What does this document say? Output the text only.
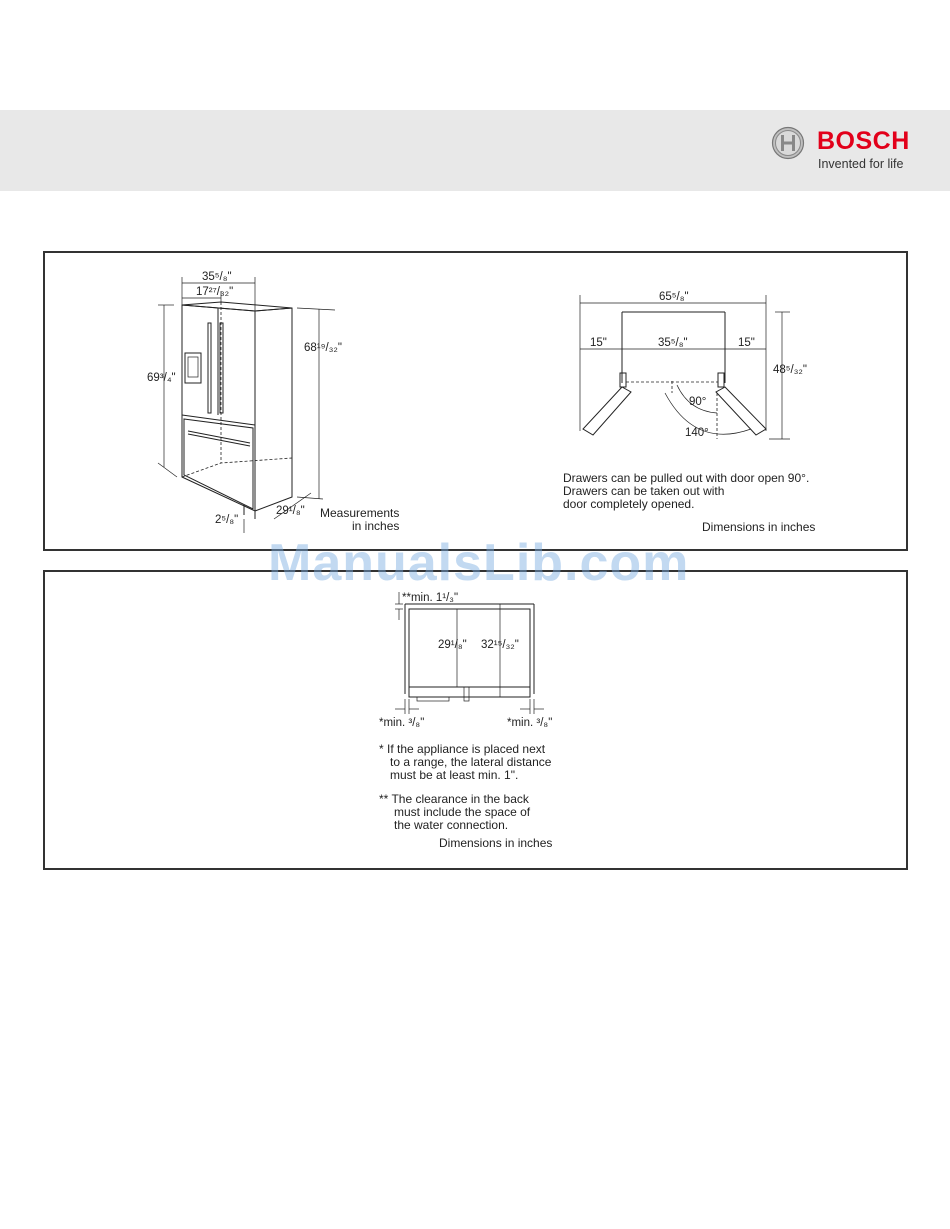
BOSCH
Invented for life
35⁵/₈"
17²⁷/₃₂"
69³/₄"
68¹⁹/₃₂"
29¹/₈"
2⁵/₈"
65⁵/₈"
15"	35⁵/₈"	15"
48⁵/₃₂"
90°
140°
Measurements
in inches
Drawers can be pulled out with door open 90°.
Drawers can be taken out with
door completely opened.
Dimensions in inches
**min. 1¹/₃"
29¹/₈" 32¹⁵/₃₂"
*min. ³/₈"	*min. ³/₈"
* If the appliance is placed next
to a range, the lateral distance
must be at least min. 1".
** The clearance in the back
must include the space of
the water connection.
Dimensions in inches
ManualsLib.com
